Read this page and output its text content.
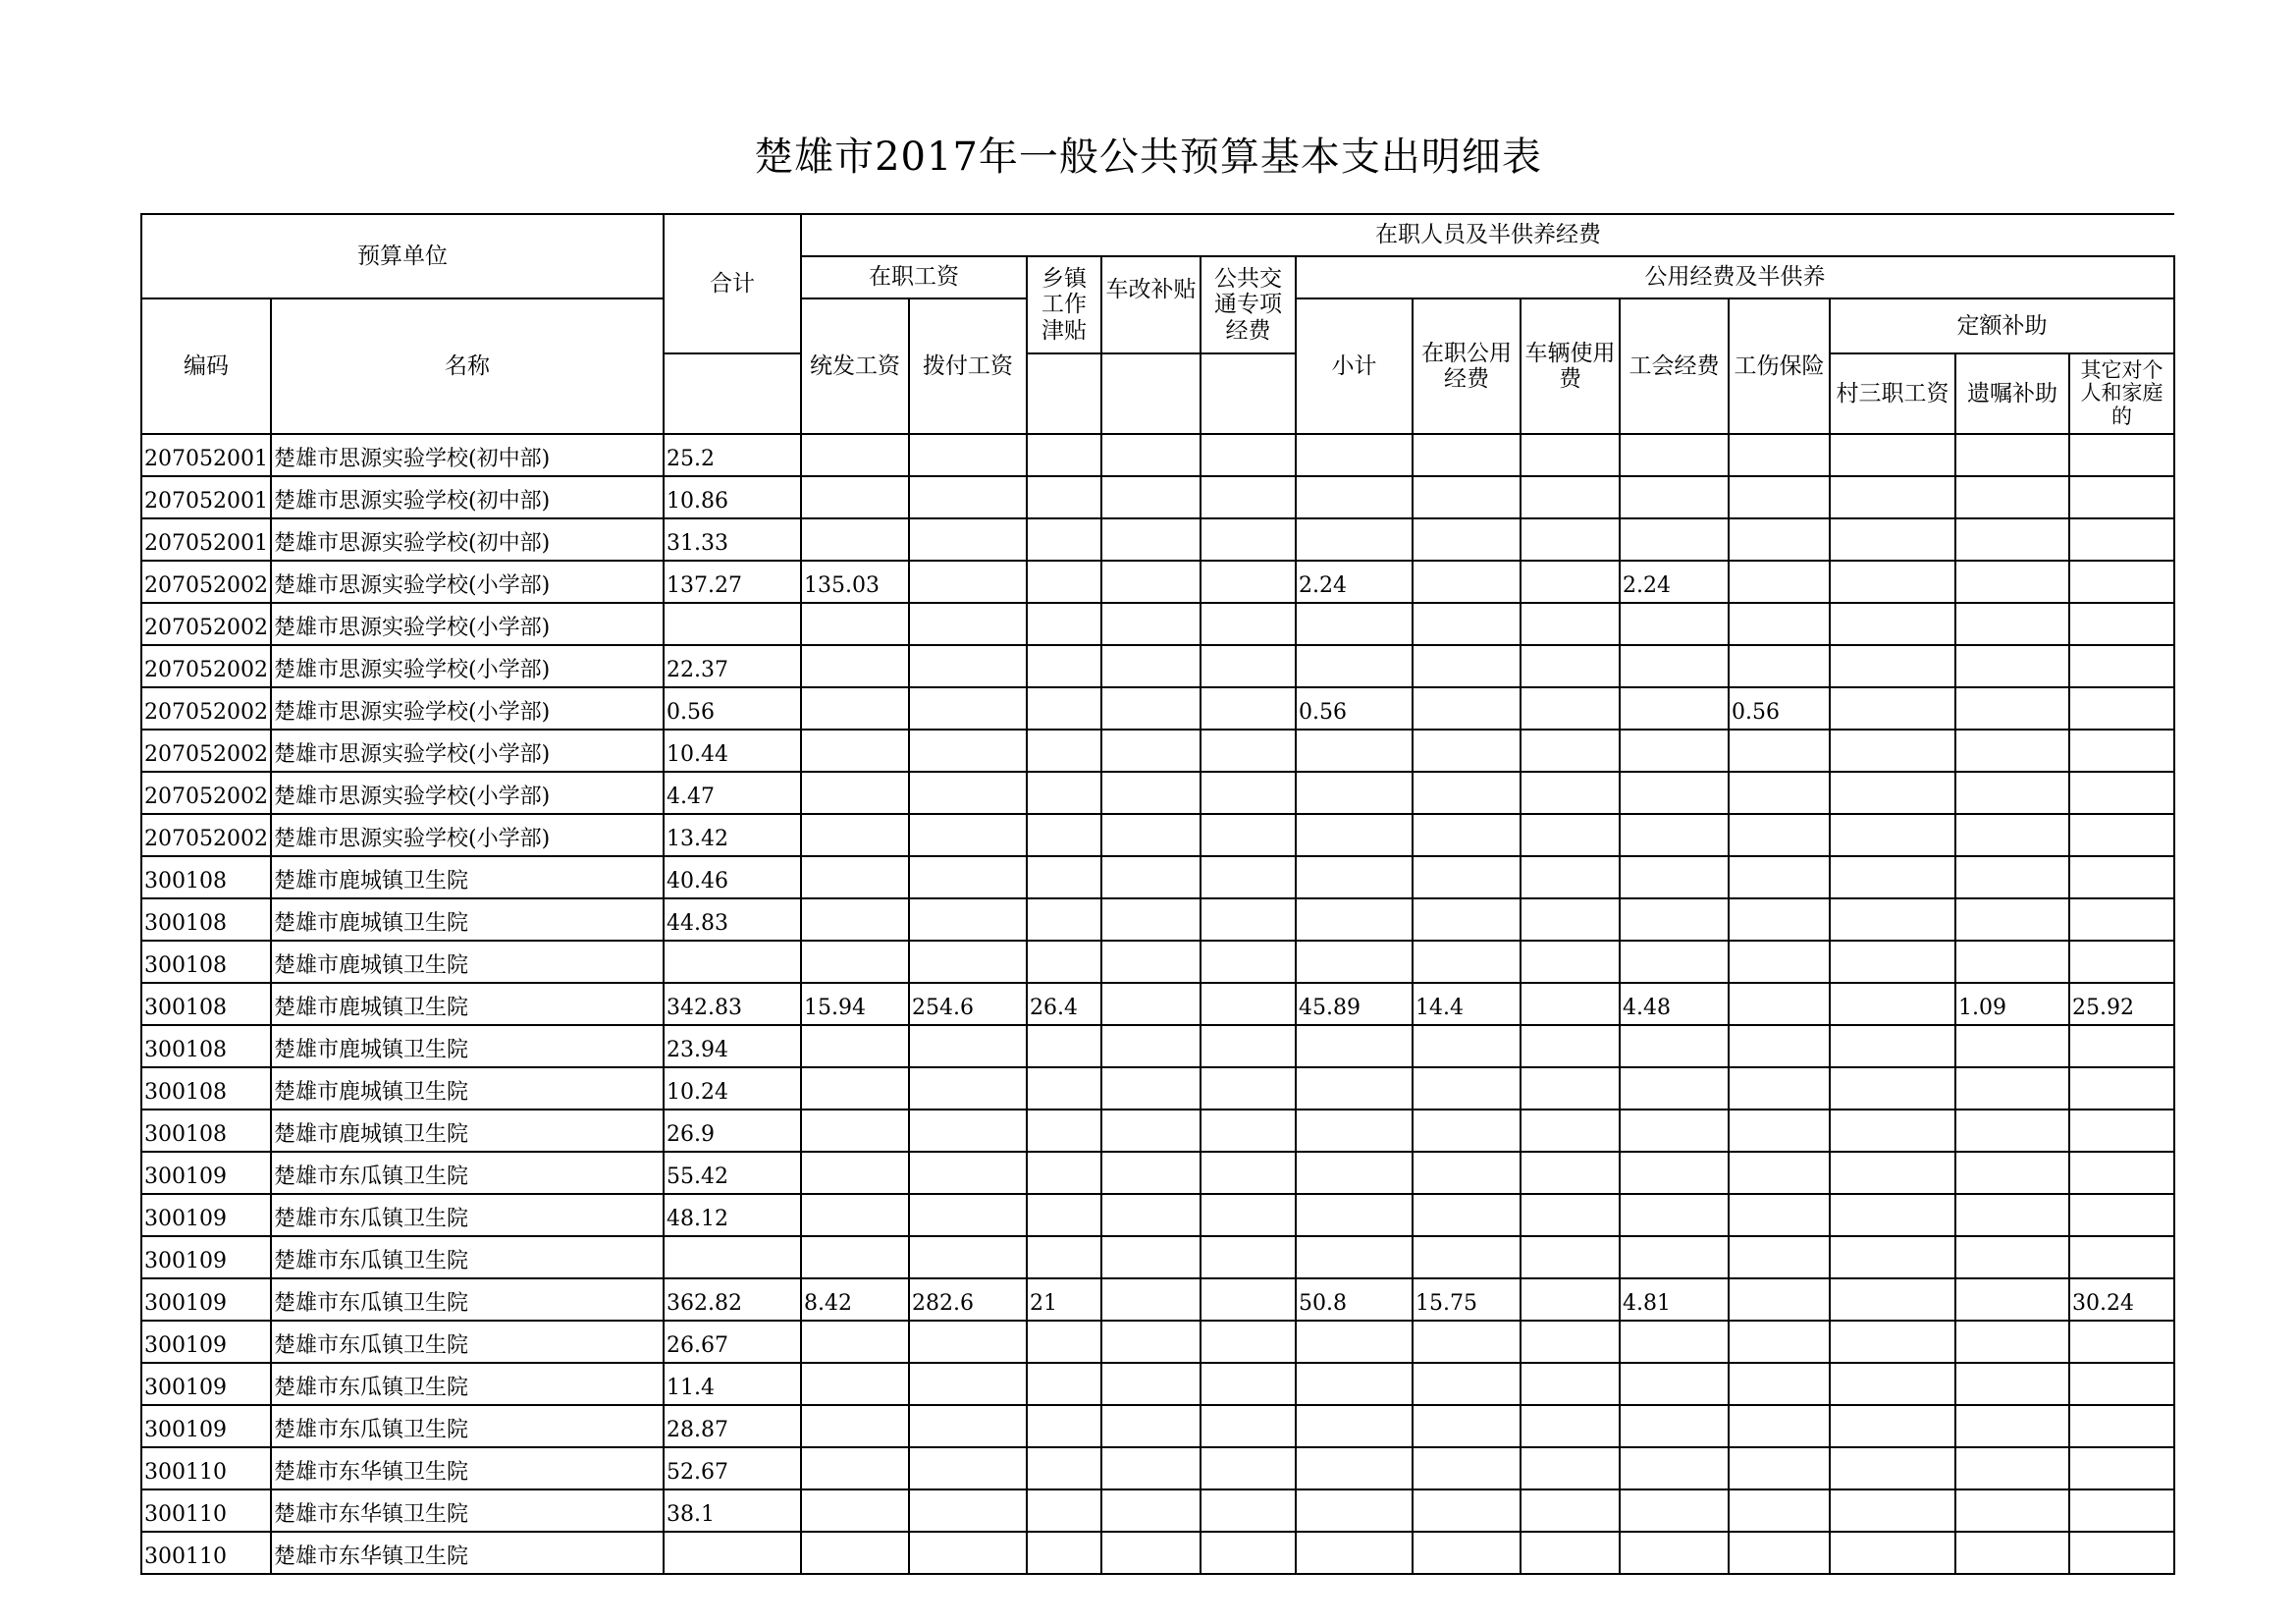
楚雄市2017年一般公共预算基本支出明细表
预算单位		合计	在职人员及半供养经费												
			在职工资		乡镇工作津贴	车改补贴	公共交通专项经费	公用经费及半供养							
编码	名称		统发工资	拨付工资				小计	在职公用经费	车辆使用费	工会经费	工伤保险	定额补助		
													村三职工资	遗嘱补助	其它对个人和家庭的
207052001	楚雄市思源实验学校(初中部)	25.2													
207052001	楚雄市思源实验学校(初中部)	10.86													
207052001	楚雄市思源实验学校(初中部)	31.33													
207052002	楚雄市思源实验学校(小学部)	137.27	135.03					2.24			2.24				
207052002	楚雄市思源实验学校(小学部)														
207052002	楚雄市思源实验学校(小学部)	22.37													
207052002	楚雄市思源实验学校(小学部)	0.56						0.56				0.56			
207052002	楚雄市思源实验学校(小学部)	10.44													
207052002	楚雄市思源实验学校(小学部)	4.47													
207052002	楚雄市思源实验学校(小学部)	13.42													
300108	楚雄市鹿城镇卫生院	40.46													
300108	楚雄市鹿城镇卫生院	44.83													
300108	楚雄市鹿城镇卫生院														
300108	楚雄市鹿城镇卫生院	342.83	15.94	254.6	26.4			45.89	14.4		4.48			1.09	25.92
300108	楚雄市鹿城镇卫生院	23.94													
300108	楚雄市鹿城镇卫生院	10.24													
300108	楚雄市鹿城镇卫生院	26.9													
300109	楚雄市东瓜镇卫生院	55.42													
300109	楚雄市东瓜镇卫生院	48.12													
300109	楚雄市东瓜镇卫生院														
300109	楚雄市东瓜镇卫生院	362.82	8.42	282.6	21			50.8	15.75		4.81				30.24
300109	楚雄市东瓜镇卫生院	26.67													
300109	楚雄市东瓜镇卫生院	11.4													
300109	楚雄市东瓜镇卫生院	28.87													
300110	楚雄市东华镇卫生院	52.67													
300110	楚雄市东华镇卫生院	38.1													
300110	楚雄市东华镇卫生院														
